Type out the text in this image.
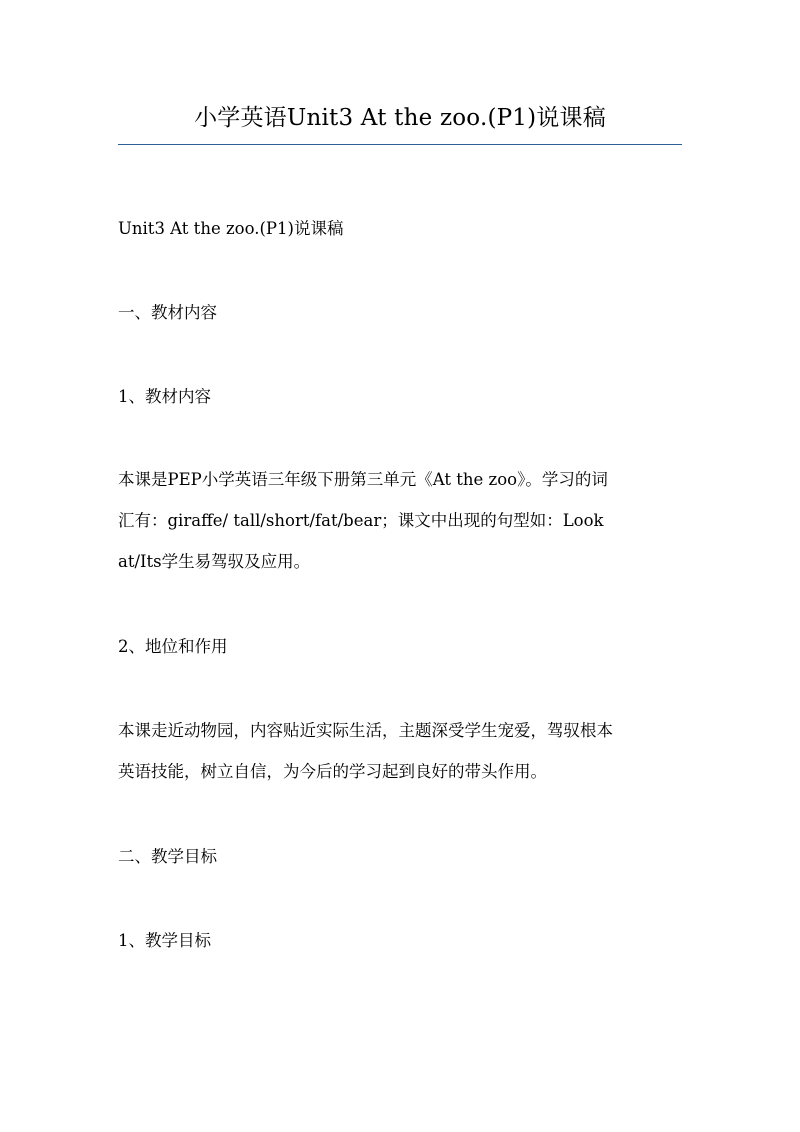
小学英语Unit3 At the zoo.(P1)说课稿
Unit3 At the zoo.(P1)说课稿
一、教材内容
1、教材内容
本课是PEP小学英语三年级下册第三单元《At the zoo》。学习的词
汇有：giraffe/ tall/short/fat/bear；课文中出现的句型如：Look
at/Its学生易驾驭及应用。
2、地位和作用
本课走近动物园，内容贴近实际生活，主题深受学生宠爱，驾驭根本
英语技能，树立自信，为今后的学习起到良好的带头作用。
二、教学目标
1、教学目标
